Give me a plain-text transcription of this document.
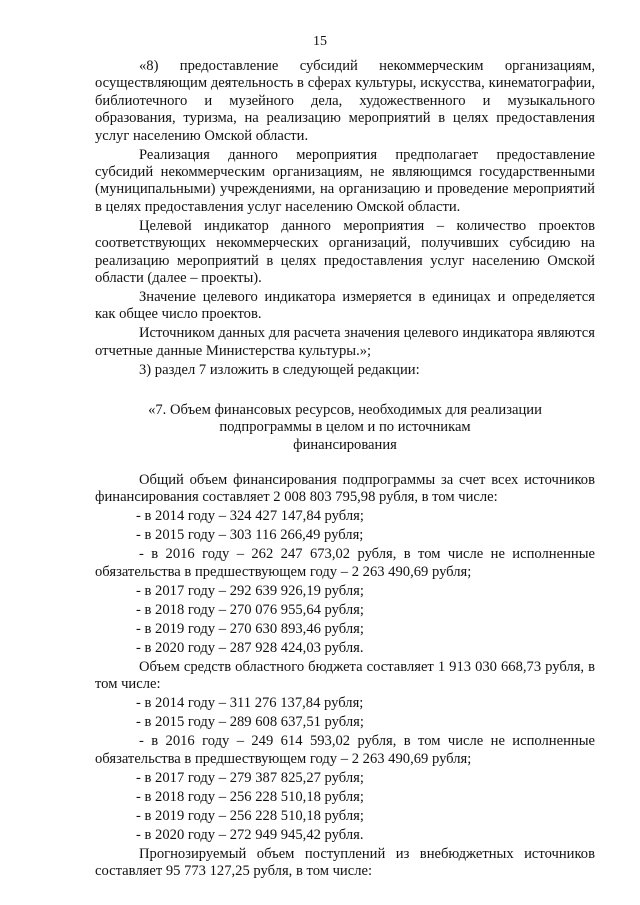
15

«8) предоставление субсидий некоммерческим организациям, осуществляющим деятельность в сферах культуры, искусства, кинематографии, библиотечного и музейного дела, художественного и музыкального образования, туризма, на реализацию мероприятий в целях предоставления услуг населению Омской области.

Реализация данного мероприятия предполагает предоставление субсидий некоммерческим организациям, не являющимся государственными (муниципальными) учреждениями, на организацию и проведение мероприятий в целях предоставления услуг населению Омской области.

Целевой индикатор данного мероприятия – количество проектов соответствующих некоммерческих организаций, получивших субсидию на реализацию мероприятий в целях предоставления услуг населению Омской области (далее – проекты).

Значение целевого индикатора измеряется в единицах и определяется как общее число проектов.

Источником данных для расчета значения целевого индикатора являются отчетные данные Министерства культуры.»;

3) раздел 7 изложить в следующей редакции:

«7. Объем финансовых ресурсов, необходимых для реализации
подпрограммы в целом и по источникам
финансирования

Общий объем финансирования подпрограммы за счет всех источников финансирования составляет 2 008 803 795,98 рубля, в том числе:

- в 2014 году – 324 427 147,84 рубля;

- в 2015 году – 303 116 266,49 рубля;

- в 2016 году – 262 247 673,02 рубля, в том числе не исполненные обязательства в предшествующем году – 2 263 490,69 рубля;

- в 2017 году – 292 639 926,19 рубля;

- в 2018 году – 270 076 955,64 рубля;

- в 2019 году – 270 630 893,46 рубля;

- в 2020 году – 287 928 424,03 рубля.

Объем средств областного бюджета составляет 1 913 030 668,73 рубля, в том числе:

- в 2014 году – 311 276 137,84 рубля;

- в 2015 году – 289 608 637,51 рубля;

- в 2016 году – 249 614 593,02 рубля, в том числе не исполненные обязательства в предшествующем году – 2 263 490,69 рубля;

- в 2017 году – 279 387 825,27 рубля;

- в 2018 году – 256 228 510,18 рубля;

- в 2019 году – 256 228 510,18 рубля;

- в 2020 году – 272 949 945,42 рубля.

Прогнозируемый объем поступлений из внебюджетных источников составляет 95 773 127,25 рубля, в том числе:
